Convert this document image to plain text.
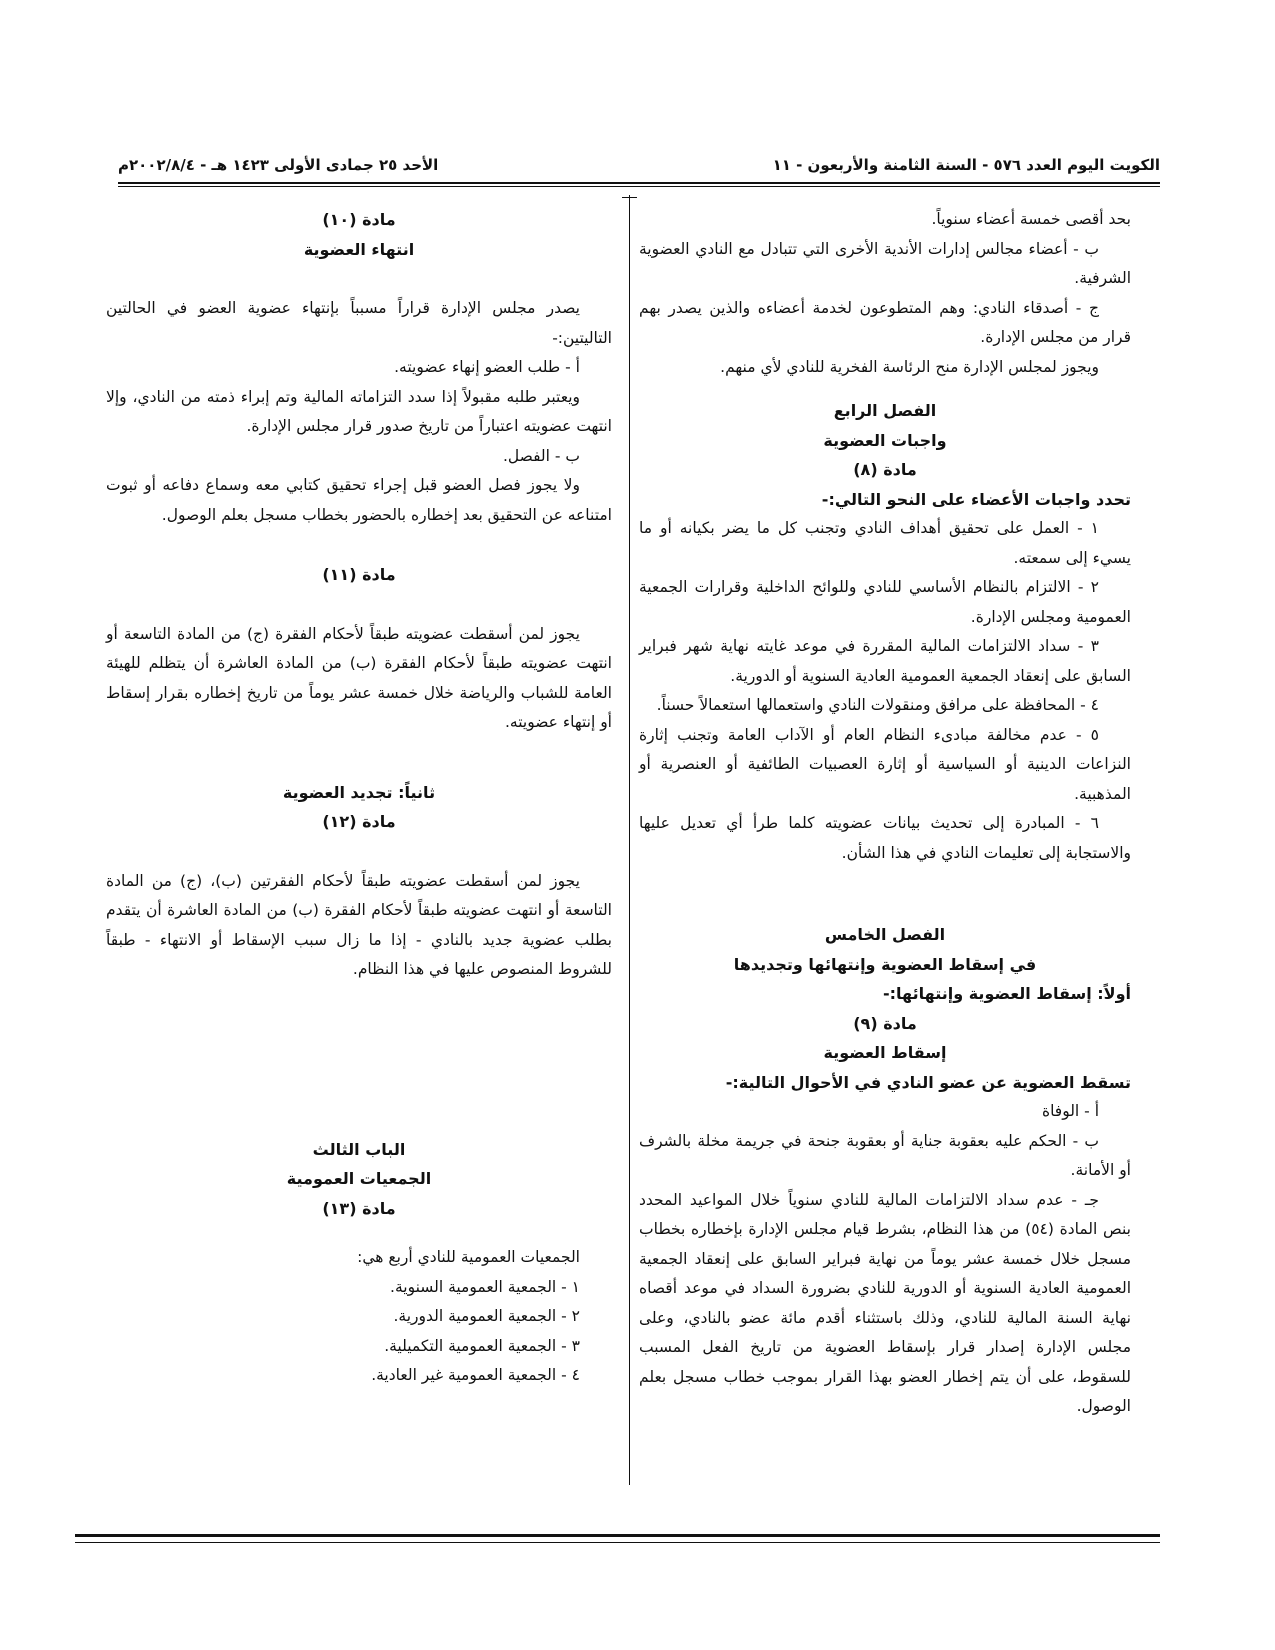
الكويت اليوم العدد ٥٧٦ - السنة الثامنة والأربعون - ١١
الأحد ٢٥ جمادى الأولى ١٤٢٣ هـ - ٢٠٠٢/٨/٤م

بحد أقصى خمسة أعضاء سنوياً.

ب - أعضاء مجالس إدارات الأندية الأخرى التي تتبادل مع النادي العضوية الشرفية.

ج - أصدقاء النادي: وهم المتطوعون لخدمة أعضاءه والذين يصدر بهم قرار من مجلس الإدارة.

ويجوز لمجلس الإدارة منح الرئاسة الفخرية للنادي لأي منهم.

الفصل الرابع

واجبات العضوية

مادة (٨)

تحدد واجبات الأعضاء على النحو التالي:-

١ - العمل على تحقيق أهداف النادي وتجنب كل ما يضر بكيانه أو ما يسيء إلى سمعته.

٢ - الالتزام بالنظام الأساسي للنادي وللوائح الداخلية وقرارات الجمعية العمومية ومجلس الإدارة.

٣ - سداد الالتزامات المالية المقررة في موعد غايته نهاية شهر فبراير السابق على إنعقاد الجمعية العمومية العادية السنوية أو الدورية.

٤ - المحافظة على مرافق ومنقولات النادي واستعمالها استعمالاً حسناً.

٥ - عدم مخالفة مبادىء النظام العام أو الآداب العامة وتجنب إثارة النزاعات الدينية أو السياسية أو إثارة العصبيات الطائفية أو العنصرية أو المذهبية.

٦ - المبادرة إلى تحديث بيانات عضويته كلما طرأ أي تعديل عليها والاستجابة إلى تعليمات النادي في هذا الشأن.

الفصل الخامس

في إسقاط العضوية وإنتهائها وتجديدها

أولاً: إسقاط العضوية وإنتهائها:-

مادة (٩)

إسقاط العضوية

تسقط العضوية عن عضو النادي في الأحوال التالية:-

أ - الوفاة

ب - الحكم عليه بعقوبة جناية أو بعقوبة جنحة في جريمة مخلة بالشرف أو الأمانة.

جـ - عدم سداد الالتزامات المالية للنادي سنوياً خلال المواعيد المحدد بنص المادة (٥٤) من هذا النظام، بشرط قيام مجلس الإدارة بإخطاره بخطاب مسجل خلال خمسة عشر يوماً من نهاية فبراير السابق على إنعقاد الجمعية العمومية العادية السنوية أو الدورية للنادي بضرورة السداد في موعد أقصاه نهاية السنة المالية للنادي، وذلك باستثناء أقدم مائة عضو بالنادي، وعلى مجلس الإدارة إصدار قرار بإسقاط العضوية من تاريخ الفعل المسبب للسقوط، على أن يتم إخطار العضو بهذا القرار بموجب خطاب مسجل بعلم الوصول.

مادة (١٠)

انتهاء العضوية

يصدر مجلس الإدارة قراراً مسبباً بإنتهاء عضوية العضو في الحالتين التاليتين:-

أ - طلب العضو إنهاء عضويته.

ويعتبر طلبه مقبولاً إذا سدد التزاماته المالية وتم إبراء ذمته من النادي، وإلا انتهت عضويته اعتباراً من تاريخ صدور قرار مجلس الإدارة.

ب - الفصل.

ولا يجوز فصل العضو قبل إجراء تحقيق كتابي معه وسماع دفاعه أو ثبوت امتناعه عن التحقيق بعد إخطاره بالحضور بخطاب مسجل بعلم الوصول.

مادة (١١)

يجوز لمن أسقطت عضويته طبقاً لأحكام الفقرة (ج) من المادة التاسعة أو انتهت عضويته طبقاً لأحكام الفقرة (ب) من المادة العاشرة أن يتظلم للهيئة العامة للشباب والرياضة خلال خمسة عشر يوماً من تاريخ إخطاره بقرار إسقاط أو إنتهاء عضويته.

ثانياً: تجديد العضوية

مادة (١٢)

يجوز لمن أسقطت عضويته طبقاً لأحكام الفقرتين (ب)، (ج) من المادة التاسعة أو انتهت عضويته طبقاً لأحكام الفقرة (ب) من المادة العاشرة أن يتقدم بطلب عضوية جديد بالنادي - إذا ما زال سبب الإسقاط أو الانتهاء - طبقاً للشروط المنصوص عليها في هذا النظام.

الباب الثالث

الجمعيات العمومية

مادة (١٣)

الجمعيات العمومية للنادي أربع هي:

١ - الجمعية العمومية السنوية.

٢ - الجمعية العمومية الدورية.

٣ - الجمعية العمومية التكميلية.

٤ - الجمعية العمومية غير العادية.
